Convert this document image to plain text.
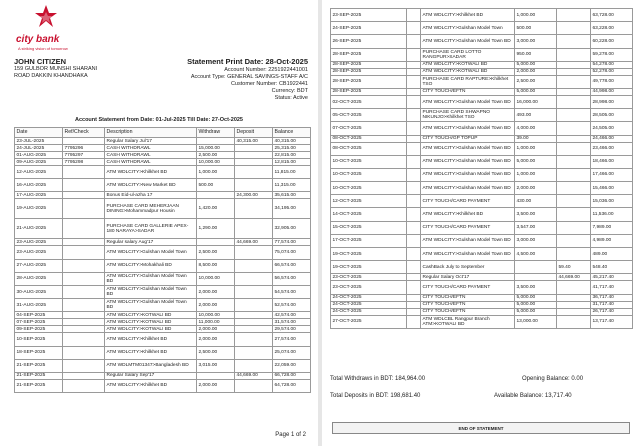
city bank
A striking vision of tomorrow
JOHN CITIZEN
159 GULBOR MUNSHI SHARANI
ROAD DAKKIN KHANDHAKA
Statement Print Date: 28-Oct-2025
Account Number: 2251922441001
Account Type: GENERAL SAVINGS-STAFF A/C
Customer Number: CB1922441
Currency: BDT
Status: Active
Account Statement from Date: 01-Jul-2025 Till Date: 27-Oct-2025
Date	Ref/Check	Description	Withdraw	Deposit	Balance
23-JUL-2025		Regular Salary Jul'17		40,315.00	40,315.00
24-JUL-2025	7795296	CASH WITHDRAWL	15,000.00		25,315.00
01-AUG-2025	7795297	CASH WITHDRAWL	2,500.00		22,815.00
09-AUG-2025	7795298	CASH WITHDRAWL	10,000.00		12,815.00
12-AUG-2025		ATM WDLCITY>Khilkhet BD	1,000.00		11,815.00
16-AUG-2025		ATM WDLCITY>New Market BD	500.00		11,315.00
17-AUG-2025		Bonus Eid-ul-azha 17		24,300.00	35,615.00
19-AUG-2025		PURCHASE CARD MEHERJAAN DINING>Mohammadpur Housin	1,420.00		34,195.00
21-AUG-2025		PURCHASE CARD GALLERIE APEX-180 NARAYA>SADAR	1,290.00		32,905.00
23-AUG-2025		Regular salary Aug'17		44,669.00	77,574.00
23-AUG-2025		ATM WDLCITY>Gulshan Model Town	2,500.00		75,074.00
27-AUG-2025		ATM WDLCITY>Mohakhali BD	8,500.00		66,574.00
28-AUG-2025		ATM WDLCITY>Gulshan Model Town BD	10,000.00		56,574.00
30-AUG-2025		ATM WDLCITY>Gulshan Model Town BD	2,000.00		54,574.00
31-AUG-2025		ATM WDLCITY>Gulshan Model Town BD	2,000.00		52,574.00
04-SEP-2025		ATM WDLCITY>KOTWALI BD	10,000.00		42,574.00
07-SEP-2025		ATM WDLCITY>KOTWALI BD	11,000.00		31,574.00
09-SEP-2025		ATM WDLCITY>KOTWALI BD	2,000.00		29,574.00
10-SEP-2025		ATM WDLCITY>Khilkhet BD	2,000.00		27,574.00
18-SEP-2025		ATM WDLCITY>Khilkhet BD	2,500.00		25,074.00
21-SEP-2025		ATM WDLMTM01347>Bangladesh BD	3,015.00		22,059.00
21-SEP-2025		Regular Salary Sep'17		44,669.00	66,728.00
21-SEP-2025		ATM WDLCITY>Khilkhet BD	2,000.00		64,728.00
Page 1 of 2
23-SEP-2025		ATM WDLCITY>Khilkhet BD	1,000.00		63,728.00
24-SEP-2025		ATM WDLCITY>Gulshan Model Town	500.00		63,228.00
26-SEP-2025		ATM WDLCITY>Gulshan Model Town BD	3,000.00		60,228.00
28-SEP-2025		PURCHASE CARD LOTTO RANGPUR>SADAR	950.00		59,278.00
28-SEP-2025		ATM WDLCITY>KOTWALI BD	5,000.00		54,278.00
28-SEP-2025		ATM WDLCITY>KOTWALI BD	2,000.00		52,278.00
28-SEP-2025		PURCHASE CARD RAPTURE>Khilkhet TSO	2,500.00		49,778.00
28-SEP-2025		CITY TOUCH/EFTN	5,000.00		44,998.00
02-OCT-2025		ATM WDLCITY>Gulshan Model Town BD	16,000.00		28,998.00
05-OCT-2025		PURCHASE CARD SHWAPNO NIKUNJO>Khilkhet TSO	493.00		28,505.00
07-OCT-2025		ATM WDLCITY>Gulshan Model Town BD	4,000.00		24,505.00
08-OCT-2025		CITY TOUCH/GP TOPUP	39.00		24,466.00
08-OCT-2025		ATM WDLCITY>Gulshan Model Town BD	1,000.00		23,466.00
10-OCT-2025		ATM WDLCITY>Gulshan Model Town BD	5,000.00		18,466.00
10-OCT-2025		ATM WDLCITY>Gulshan Model Town BD	1,000.00		17,466.00
10-OCT-2025		ATM WDLCITY>Gulshan Model Town BD	2,000.00		15,466.00
12-OCT-2025		CITY TOUCH/CARD PAYMENT	430.00		15,036.00
14-OCT-2025		ATM WDLCITY>Khilkhet BD	3,500.00		11,536.00
15-OCT-2025		CITY TOUCH/CARD PAYMENT	3,547.00		7,989.00
17-OCT-2025		ATM WDLCITY>Gulshan Model Town BD	3,000.00		4,989.00
19-OCT-2025		ATM WDLCITY>Gulshan Model Town BD	4,500.00		489.00
19-OCT-2025		CashBack July to September		59.40	548.40
23-OCT-2025		Regular Salary Oct'17		44,669.00	45,217.40
23-OCT-2025		CITY TOUCH/CARD PAYMENT	3,500.00		41,717.40
24-OCT-2025		CITY TOUCH/EFTN	5,000.00		36,717.40
24-OCT-2025		CITY TOUCH/EFTN	5,000.00		31,717.40
24-OCT-2025		CITY TOUCH/EFTN	5,000.00		26,717.40
27-OCT-2025		ATM WDLCBL Rangpur Branch ATM>KOTWALI BD	13,000.00		13,717.40
Total Withdraws in BDT: 184,964.00
Total Deposits in BDT: 198,681.40
Opening Balance: 0.00
Available Balance: 13,717.40
END OF STATEMENT
